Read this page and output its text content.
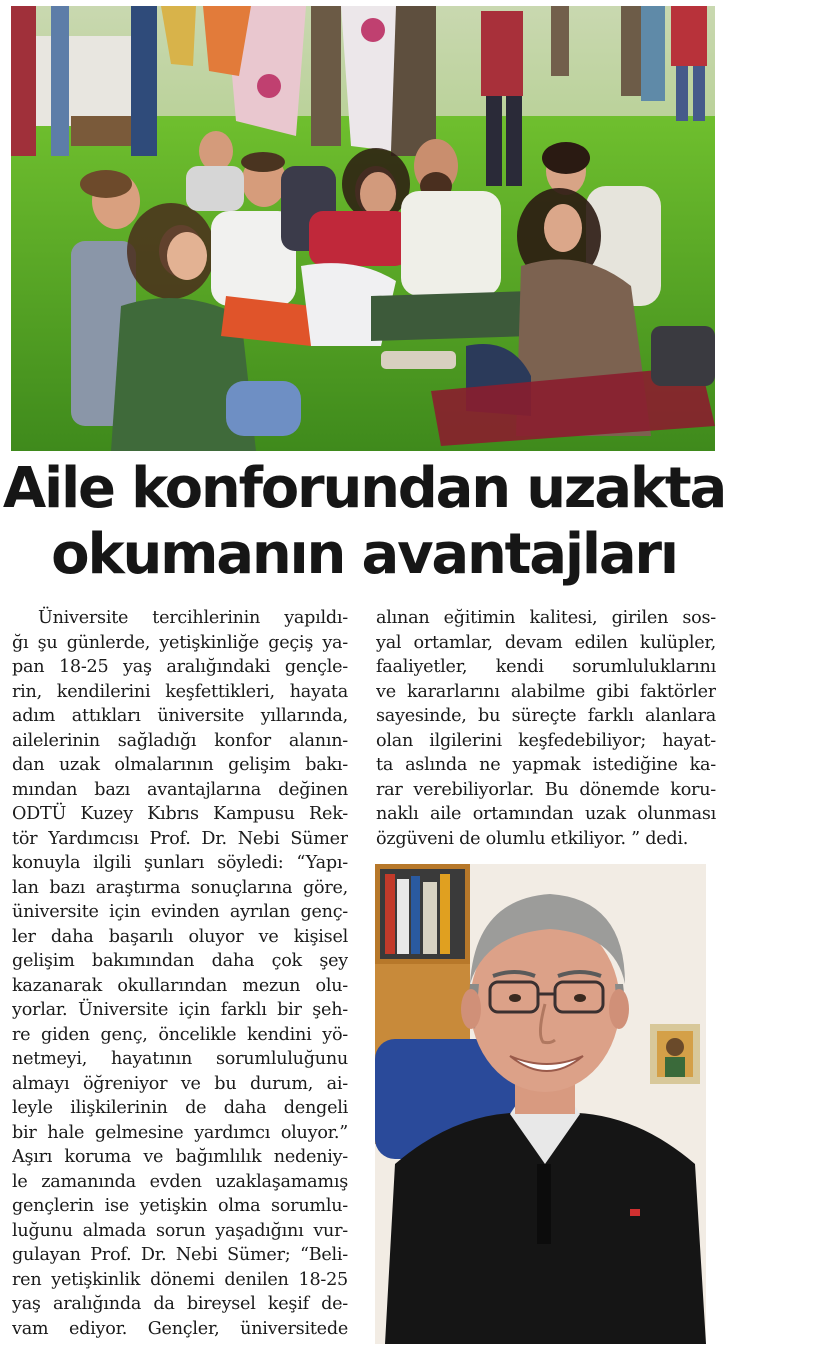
Aile konforundan uzakta
okumanın avantajları
Üniversite tercihlerinin yapıldı-
ğı şu günlerde, yetişkinliğe geçiş ya-
pan 18-25 yaş aralığındaki gençle-
rin, kendilerini keşfettikleri, hayata
adım attıkları üniversite yıllarında,
ailelerinin sağladığı konfor alanın-
dan uzak olmalarının gelişim bakı-
mından bazı avantajlarına değinen
ODTÜ Kuzey Kıbrıs Kampusu Rek-
tör Yardımcısı Prof. Dr. Nebi Sümer
konuyla ilgili şunları söyledi: “Yapı-
lan bazı araştırma sonuçlarına göre,
üniversite için evinden ayrılan genç-
ler daha başarılı oluyor ve kişisel
gelişim bakımından daha çok şey
kazanarak okullarından mezun olu-
yorlar. Üniversite için farklı bir şeh-
re giden genç, öncelikle kendini yö-
netmeyi, hayatının sorumluluğunu
almayı öğreniyor ve bu durum, ai-
leyle ilişkilerinin de daha dengeli
bir hale gelmesine yardımcı oluyor.”
Aşırı koruma ve bağımlılık nedeniy-
le zamanında evden uzaklaşamamış
gençlerin ise yetişkin olma sorumlu-
luğunu almada sorun yaşadığını vur-
gulayan Prof. Dr. Nebi Sümer; “Beli-
ren yetişkinlik dönemi denilen 18-25
yaş aralığında da bireysel keşif de-
vam ediyor. Gençler, üniversitede
alınan eğitimin kalitesi, girilen sos-
yal ortamlar, devam edilen kulüpler,
faaliyetler, kendi sorumluluklarını
ve kararlarını alabilme gibi faktörler
sayesinde, bu süreçte farklı alanlara
olan ilgilerini keşfedebiliyor; hayat-
ta aslında ne yapmak istediğine ka-
rar verebiliyorlar. Bu dönemde koru-
naklı aile ortamından uzak olunması
özgüveni de olumlu etkiliyor. ” dedi.
